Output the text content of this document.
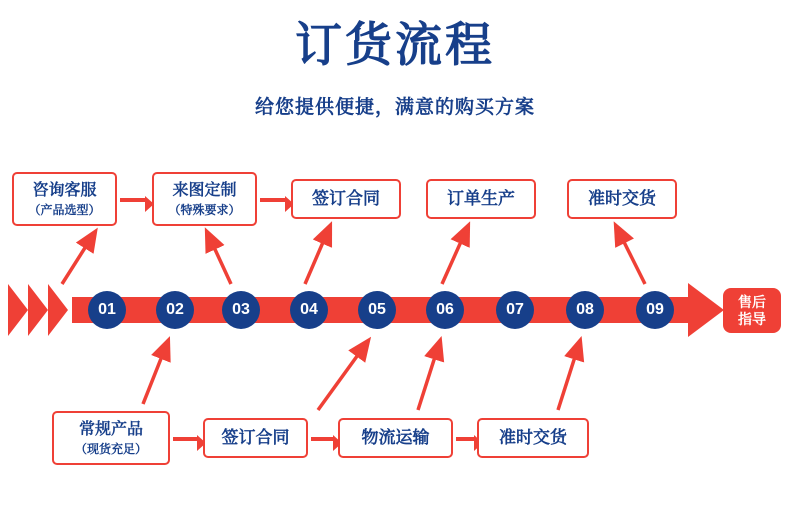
订货流程
给您提供便捷，满意的购买方案
咨询客服
（产品选型）
来图定制
（特殊要求）
签订合同	订单生产	准时交货
常规产品
（现货充足）
签订合同	物流运输	准时交货
01	02	03	04	05	06	07	08	09	售后
指导
